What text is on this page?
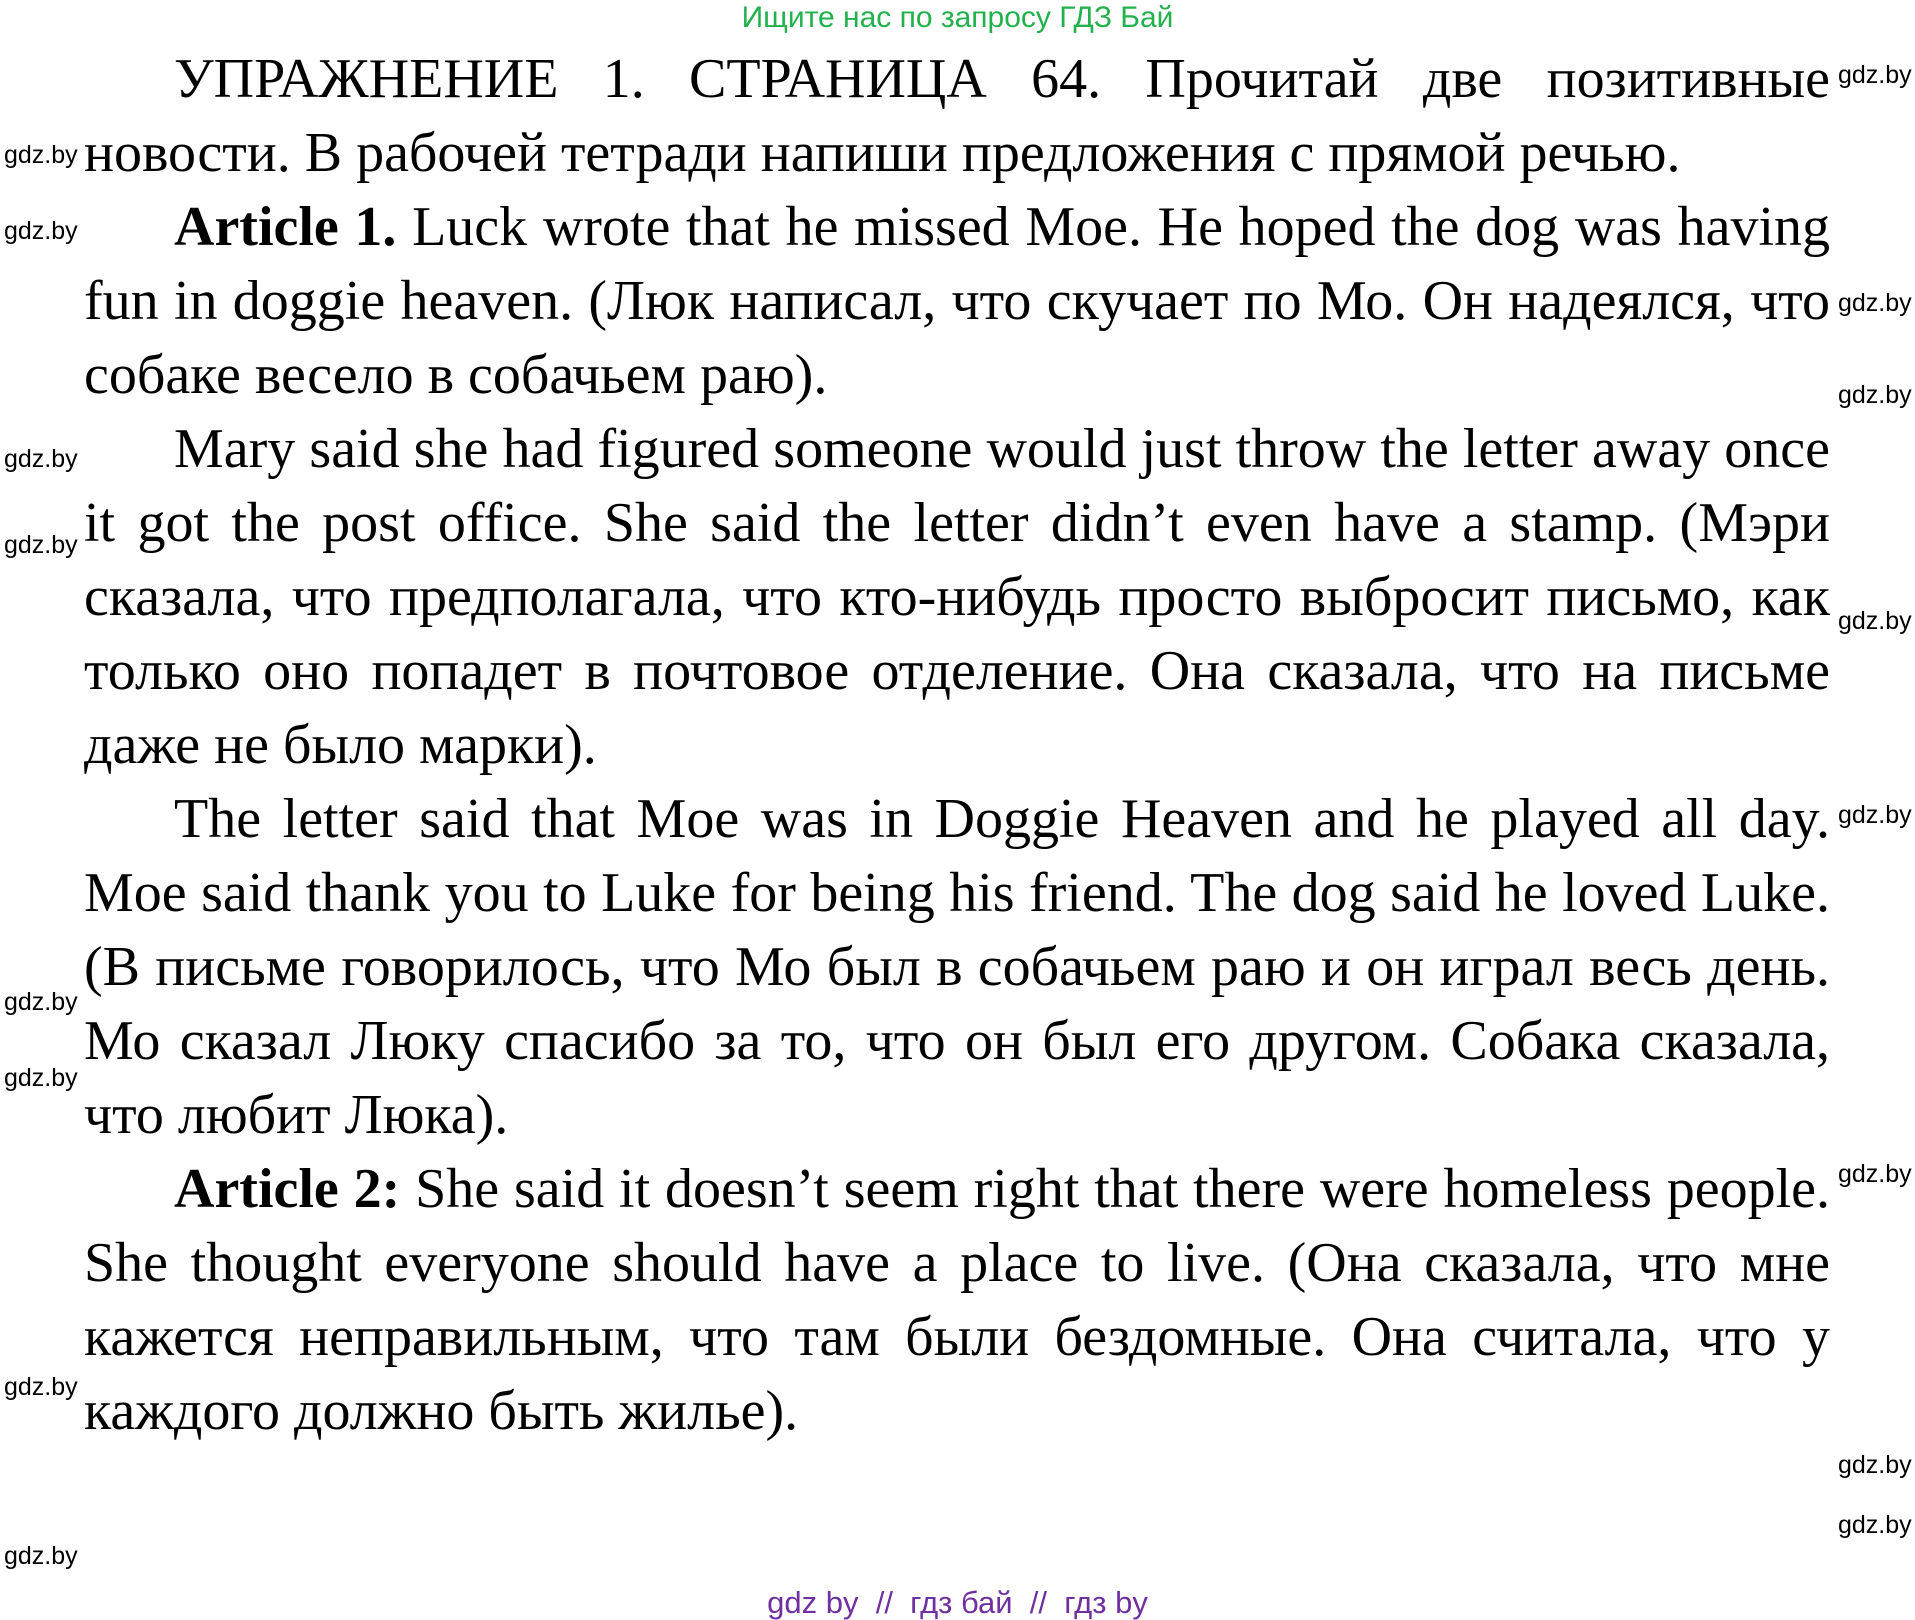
Ищите нас по запросу ГДЗ Бай

УПРАЖНЕНИЕ 1. СТРАНИЦА 64. Прочитай две позитивные новости. В рабочей тетради напиши предложения с прямой речью.

Article 1. Luck wrote that he missed Moe. He hoped the dog was having fun in doggie heaven. (Люк написал, что скучает по Мо. Он надеялся, что собаке весело в собачьем раю).

Mary said she had figured someone would just throw the letter away once it got the post office. She said the letter didn’t even have a stamp. (Мэри сказала, что предполагала, что кто-нибудь просто выбросит письмо, как только оно попадет в почтовое отделение. Она сказала, что на письме даже не было марки).

The letter said that Moe was in Doggie Heaven and he played all day. Moe said thank you to Luke for being his friend. The dog said he loved Luke. (В письме говорилось, что Мо был в собачьем раю и он играл весь день. Мо сказал Люку спасибо за то, что он был его другом. Собака сказала, что любит Люка).

Article 2: She said it doesn’t seem right that there were homeless people. She thought everyone should have a place to live. (Она сказала, что мне кажется неправильным, что там были бездомные. Она считала, что у каждого должно быть жилье).

gdz.by
gdz.by
gdz.by
gdz.by
gdz.by
gdz.by
gdz.by
gdz.by
gdz.by
gdz.by
gdz.by
gdz.by
gdz.by
gdz.by
gdz.by
gdz.by
gdz by  //  гдз бай  //  гдз by
